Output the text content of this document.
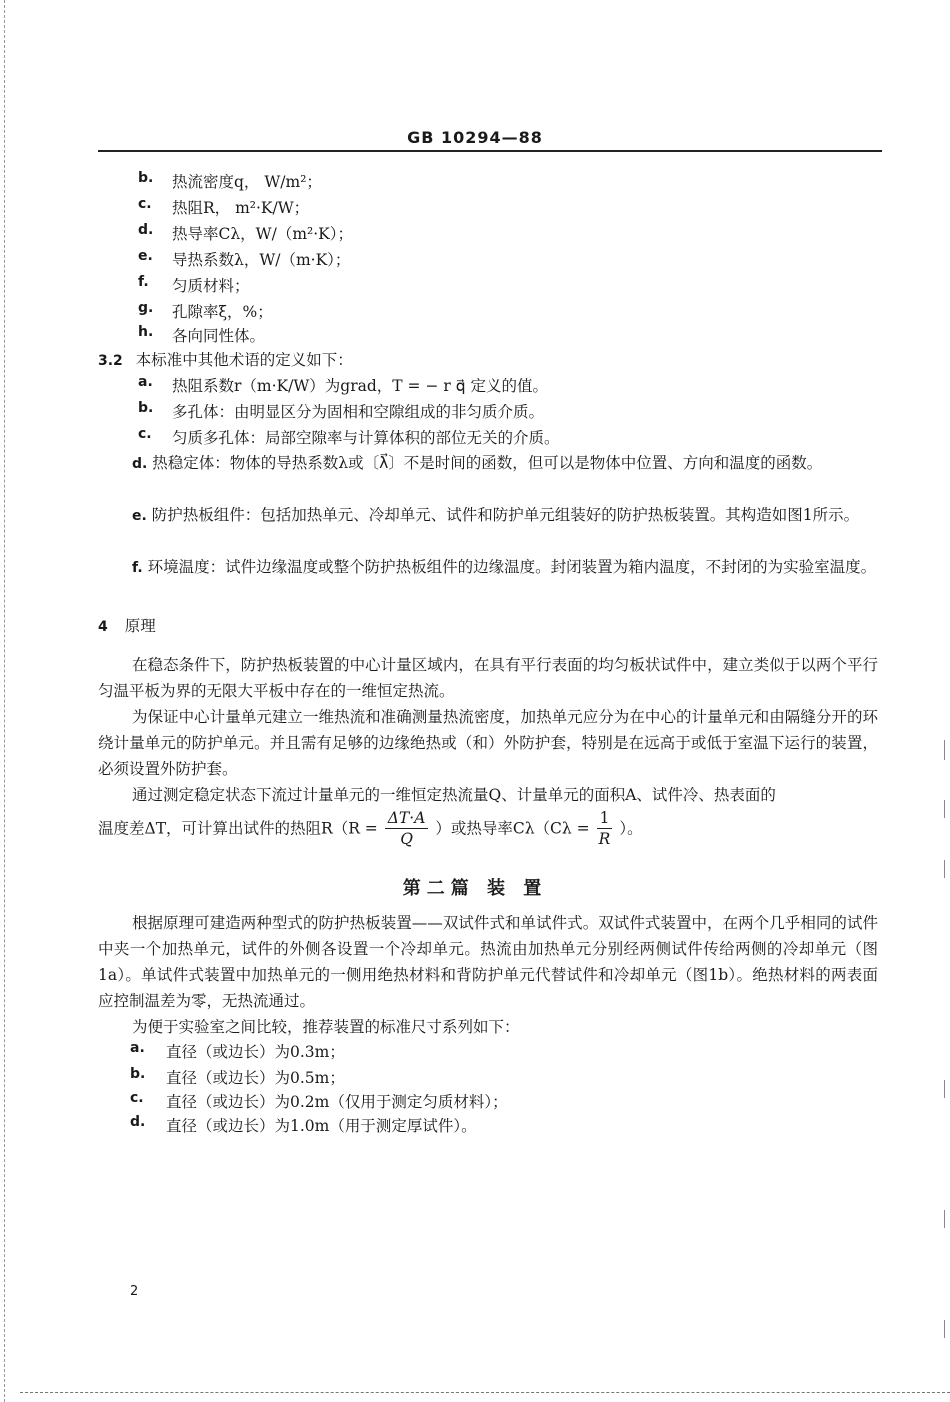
GB 10294—88
b. 热流密度q， W/m²；
c. 热阻R， m²·K/W；
d. 热导率Cλ，W/（m²·K）；
e. 导热系数λ，W/（m·K）；
f. 匀质材料；
g. 孔隙率ξ，%；
h. 各向同性体。
3.2 本标准中其他术语的定义如下：
a. 热阻系数r（m·K/W）为grad，T = − r q⃗ 定义的值。
b. 多孔体：由明显区分为固相和空隙组成的非匀质介质。
c. 匀质多孔体：局部空隙率与计算体积的部位无关的介质。
d. 热稳定体：物体的导热系数λ或〔λ⃗〕不是时间的函数，但可以是物体中位置、方向和温度的函数。
e. 防护热板组件：包括加热单元、冷却单元、试件和防护单元组装好的防护热板装置。其构造如图1所示。
f. 环境温度：试件边缘温度或整个防护热板组件的边缘温度。封闭装置为箱内温度，不封闭的为实验室温度。
4 原理
在稳态条件下，防护热板装置的中心计量区域内，在具有平行表面的均匀板状试件中，建立类似于以两个平行匀温平板为界的无限大平板中存在的一维恒定热流。
为保证中心计量单元建立一维热流和准确测量热流密度，加热单元应分为在中心的计量单元和由隔缝分开的环绕计量单元的防护单元。并且需有足够的边缘绝热或（和）外防护套，特别是在远高于或低于室温下运行的装置，必须设置外防护套。
通过测定稳定状态下流过计量单元的一维恒定热流量Q、计量单元的面积A、试件冷、热表面的
温度差ΔT，可计算出试件的热阻$R(R = \frac{\Delta T\cdot A}{Q}$ ）或热导率$C\lambda(C\lambda = \frac{1}{R}$ ）。
第二篇 装 置
根据原理可建造两种型式的防护热板装置——双试件式和单试件式。双试件式装置中，在两个几乎相同的试件中夹一个加热单元，试件的外侧各设置一个冷却单元。热流由加热单元分别经两侧试件传给两侧的冷却单元（图1a）。单试件式装置中加热单元的一侧用绝热材料和背防护单元代替试件和冷却单元（图1b）。绝热材料的两表面应控制温差为零，无热流通过。
为便于实验室之间比较，推荐装置的标准尺寸系列如下：
a. 直径（或边长）为0.3m；
b. 直径（或边长）为0.5m；
c. 直径（或边长）为0.2m（仅用于测定匀质材料）；
d. 直径（或边长）为1.0m（用于测定厚试件）。
2
